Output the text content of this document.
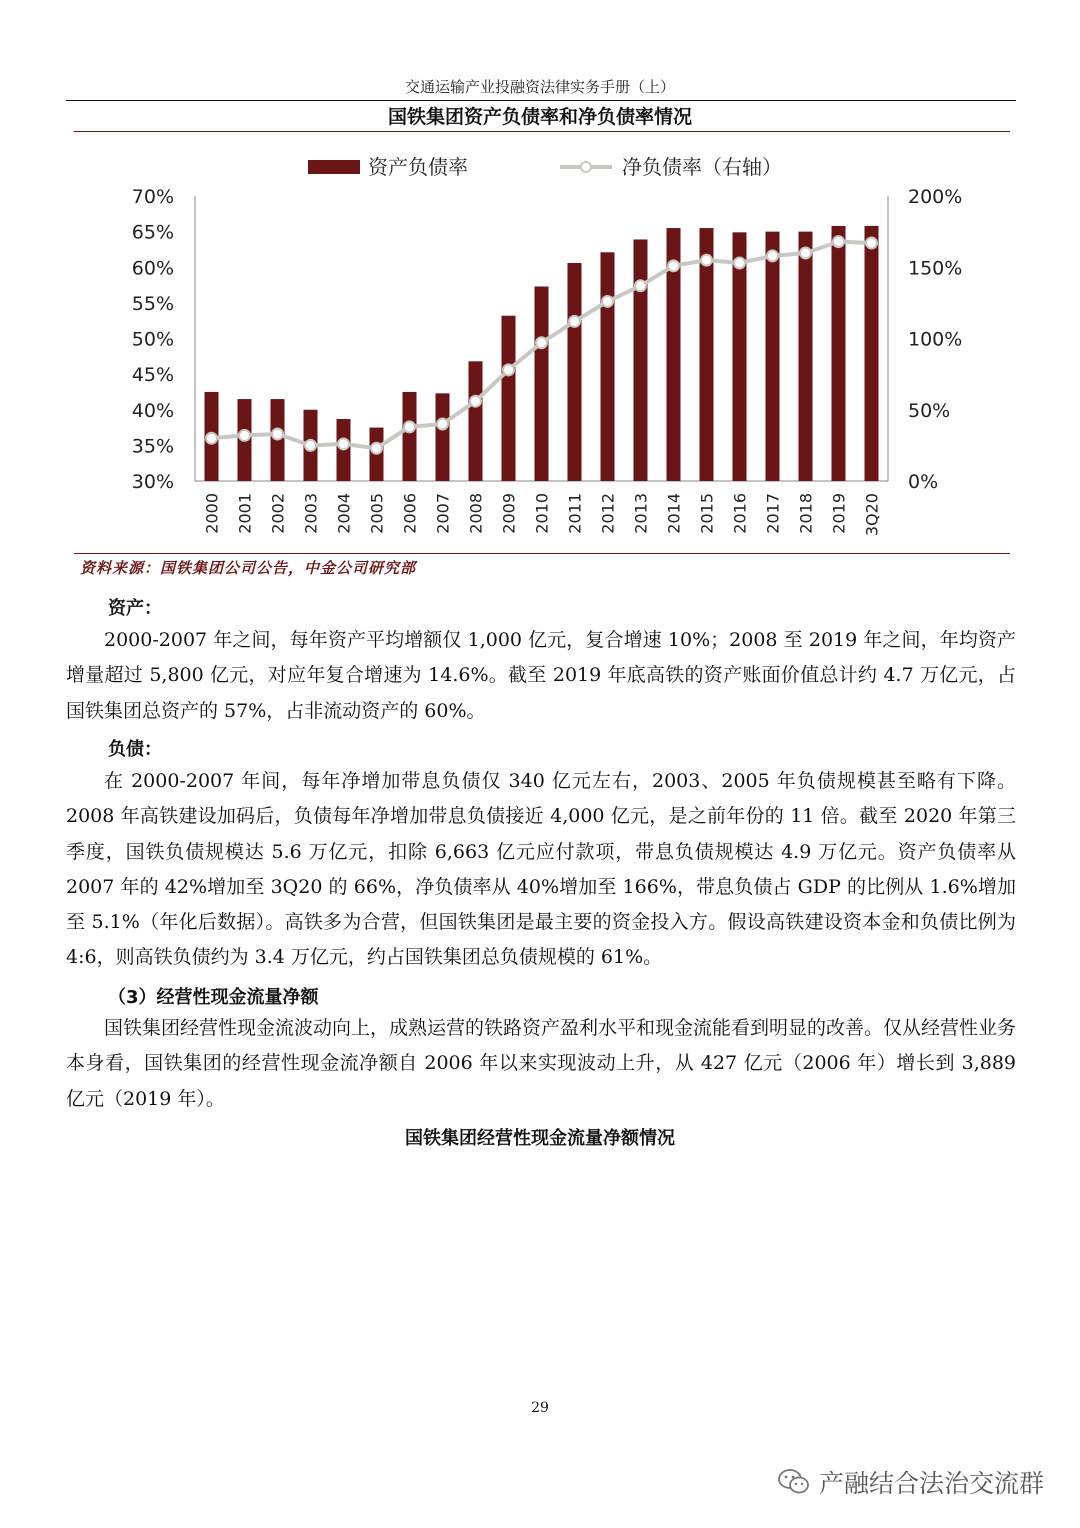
交通运输产业投融资法律实务手册（上）
国铁集团资产负债率和净负债率情况
资产负债率	净负债率（右轴）
30%
35%
40%
45%
50%
55%
60%
65%
70%
0%
50%
100%
150%
200%
2000 2001 2002 2003 2004 2005 2006 2007 2008 2009 2010 2011 2012 2013 2014 2015 2016 2017 2018 2019 3Q20
资料来源：国铁集团公司公告，中金公司研究部
资产：

2000-2007 年之间，每年资产平均增额仅 1,000 亿元，复合增速 10%；2008 至 2019 年之间，年均资产增量超过 5,800 亿元，对应年复合增速为 14.6%。截至 2019 年底高铁的资产账面价值总计约 4.7 万亿元，占国铁集团总资产的 57%，占非流动资产的 60%。

负债：

在 2000-2007 年间，每年净增加带息负债仅 340 亿元左右，2003、2005 年负债规模甚至略有下降。2008 年高铁建设加码后，负债每年净增加带息负债接近 4,000 亿元，是之前年份的 11 倍。截至 2020 年第三季度，国铁负债规模达 5.6 万亿元，扣除 6,663 亿元应付款项，带息负债规模达 4.9 万亿元。资产负债率从 2007 年的 42%增加至 3Q20 的 66%，净负债率从 40%增加至 166%，带息负债占 GDP 的比例从 1.6%增加至 5.1%（年化后数据）。高铁多为合营，但国铁集团是最主要的资金投入方。假设高铁建设资本金和负债比例为 4:6，则高铁负债约为 3.4 万亿元，约占国铁集团总负债规模的 61%。

（3）经营性现金流量净额

国铁集团经营性现金流波动向上，成熟运营的铁路资产盈利水平和现金流能看到明显的改善。仅从经营性业务本身看，国铁集团的经营性现金流净额自 2006 年以来实现波动上升，从 427 亿元（2006 年）增长到 3,889 亿元（2019 年）。

国铁集团经营性现金流量净额情况
29
产融结合法治交流群
